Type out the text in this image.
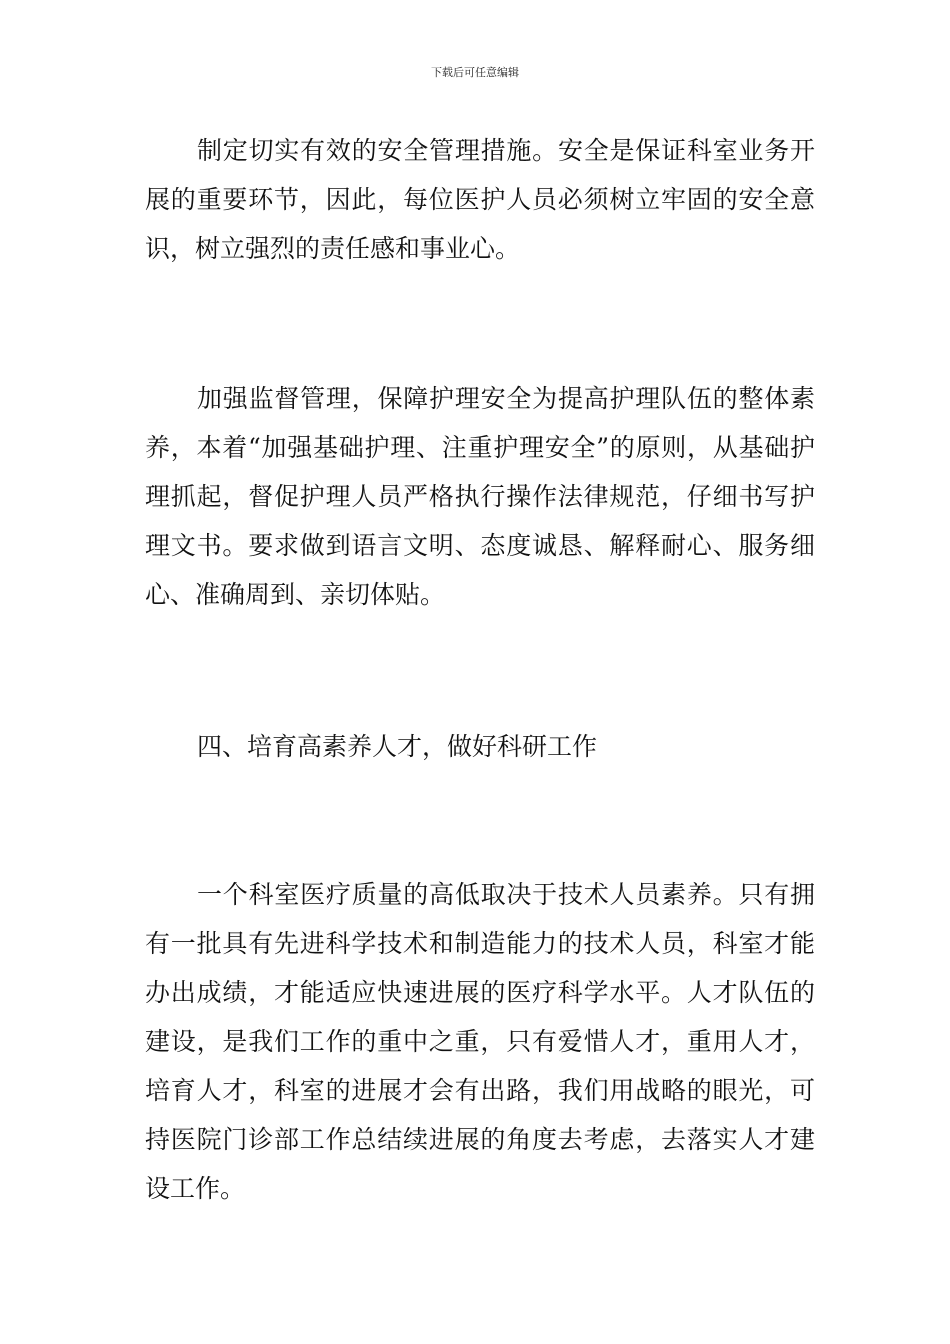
下载后可任意编辑

制定切实有效的安全管理措施。安全是保证科室业务开展的重要环节，因此，每位医护人员必须树立牢固的安全意识，树立强烈的责任感和事业心。

加强监督管理，保障护理安全为提高护理队伍的整体素养，本着“加强基础护理、注重护理安全”的原则，从基础护理抓起，督促护理人员严格执行操作法律规范，仔细书写护理文书。要求做到语言文明、态度诚恳、解释耐心、服务细心、准确周到、亲切体贴。

四、培育高素养人才，做好科研工作

一个科室医疗质量的高低取决于技术人员素养。只有拥有一批具有先进科学技术和制造能力的技术人员，科室才能办出成绩，才能适应快速进展的医疗科学水平。人才队伍的建设，是我们工作的重中之重，只有爱惜人才，重用人才，培育人才，科室的进展才会有出路，我们用战略的眼光，可持医院门诊部工作总结续进展的角度去考虑，去落实人才建设工作。
